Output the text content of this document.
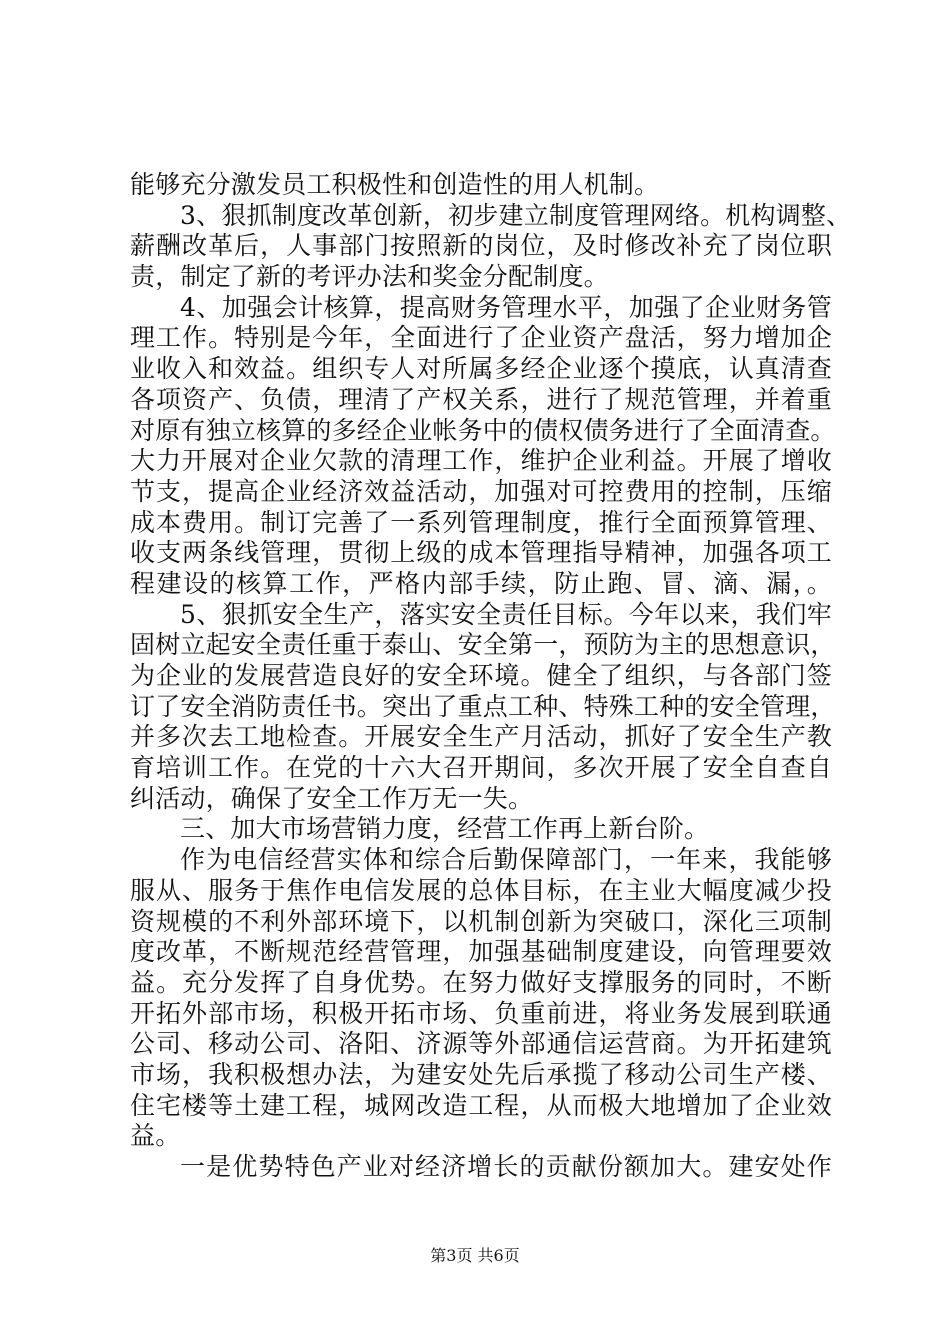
能够充分激发员工积极性和创造性的用人机制。
3、狠抓制度改革创新，初步建立制度管理网络。机构调整、
薪酬改革后，人事部门按照新的岗位，及时修改补充了岗位职
责，制定了新的考评办法和奖金分配制度。
4、加强会计核算，提高财务管理水平，加强了企业财务管
理工作。特别是今年，全面进行了企业资产盘活，努力增加企
业收入和效益。组织专人对所属多经企业逐个摸底，认真清查
各项资产、负债，理清了产权关系，进行了规范管理，并着重
对原有独立核算的多经企业帐务中的债权债务进行了全面清查。
大力开展对企业欠款的清理工作，维护企业利益。开展了增收
节支，提高企业经济效益活动，加强对可控费用的控制，压缩
成本费用。制订完善了一系列管理制度，推行全面预算管理、
收支两条线管理，贯彻上级的成本管理指导精神，加强各项工
程建设的核算工作，严格内部手续，防止跑、冒、滴、漏，。
5、狠抓安全生产，落实安全责任目标。今年以来，我们牢
固树立起安全责任重于泰山、安全第一，预防为主的思想意识，
为企业的发展营造良好的安全环境。健全了组织，与各部门签
订了安全消防责任书。突出了重点工种、特殊工种的安全管理，
并多次去工地检查。开展安全生产月活动，抓好了安全生产教
育培训工作。在党的十六大召开期间，多次开展了安全自查自
纠活动，确保了安全工作万无一失。
三、加大市场营销力度，经营工作再上新台阶。
作为电信经营实体和综合后勤保障部门，一年来，我能够
服从、服务于焦作电信发展的总体目标，在主业大幅度减少投
资规模的不利外部环境下，以机制创新为突破口，深化三项制
度改革，不断规范经营管理，加强基础制度建设，向管理要效
益。充分发挥了自身优势。在努力做好支撑服务的同时，不断
开拓外部市场，积极开拓市场、负重前进，将业务发展到联通
公司、移动公司、洛阳、济源等外部通信运营商。为开拓建筑
市场，我积极想办法，为建安处先后承揽了移动公司生产楼、
住宅楼等土建工程，城网改造工程，从而极大地增加了企业效
益。
一是优势特色产业对经济增长的贡献份额加大。建安处作
第3页 共6页
